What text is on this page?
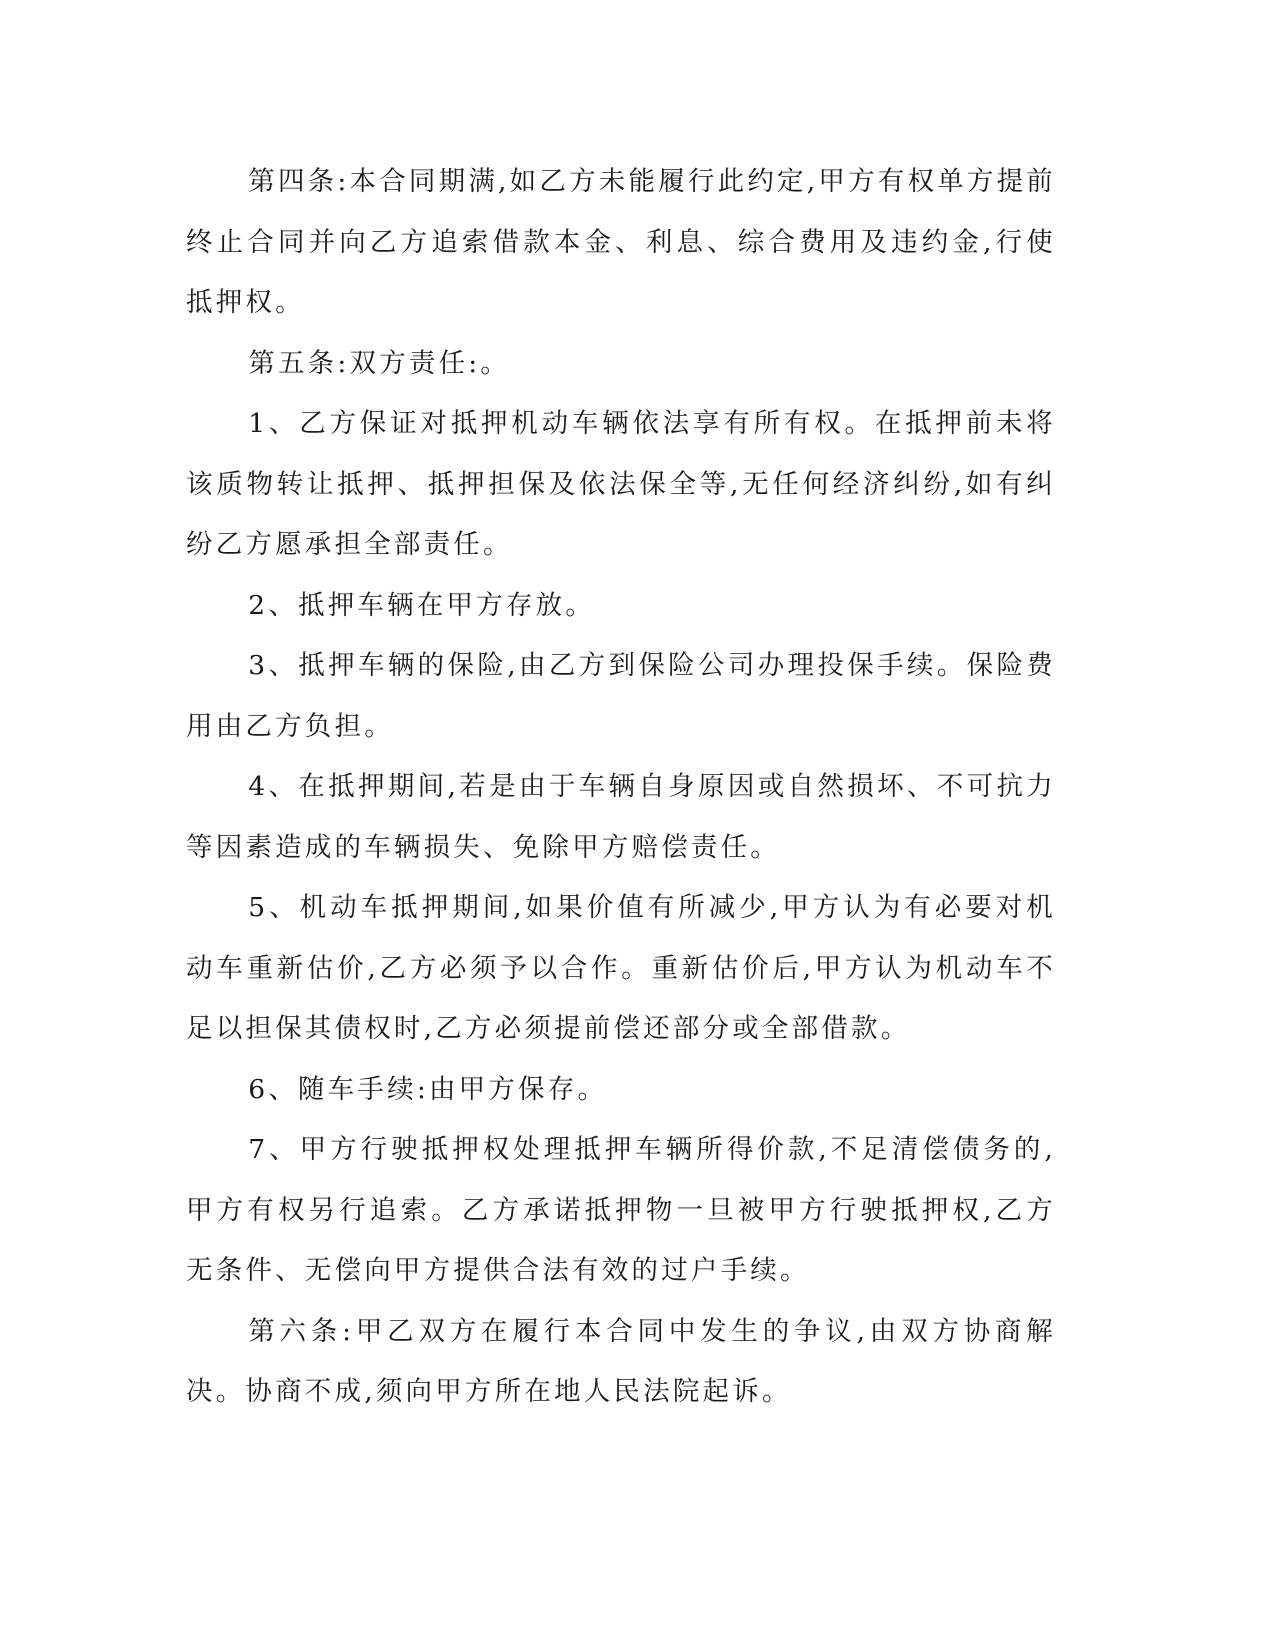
第四条:本合同期满,如乙方未能履行此约定,甲方有权单方提前终止合同并向乙方追索借款本金、利息、综合费用及违约金,行使抵押权。

第五条:双方责任:。

1、乙方保证对抵押机动车辆依法享有所有权。在抵押前未将该质物转让抵押、抵押担保及依法保全等,无任何经济纠纷,如有纠纷乙方愿承担全部责任。

2、抵押车辆在甲方存放。

3、抵押车辆的保险,由乙方到保险公司办理投保手续。保险费用由乙方负担。

4、在抵押期间,若是由于车辆自身原因或自然损坏、不可抗力等因素造成的车辆损失、免除甲方赔偿责任。

5、机动车抵押期间,如果价值有所减少,甲方认为有必要对机动车重新估价,乙方必须予以合作。重新估价后,甲方认为机动车不足以担保其债权时,乙方必须提前偿还部分或全部借款。

6、随车手续:由甲方保存。

7、甲方行驶抵押权处理抵押车辆所得价款,不足清偿债务的,甲方有权另行追索。乙方承诺抵押物一旦被甲方行驶抵押权,乙方无条件、无偿向甲方提供合法有效的过户手续。

第六条:甲乙双方在履行本合同中发生的争议,由双方协商解决。协商不成,须向甲方所在地人民法院起诉。
